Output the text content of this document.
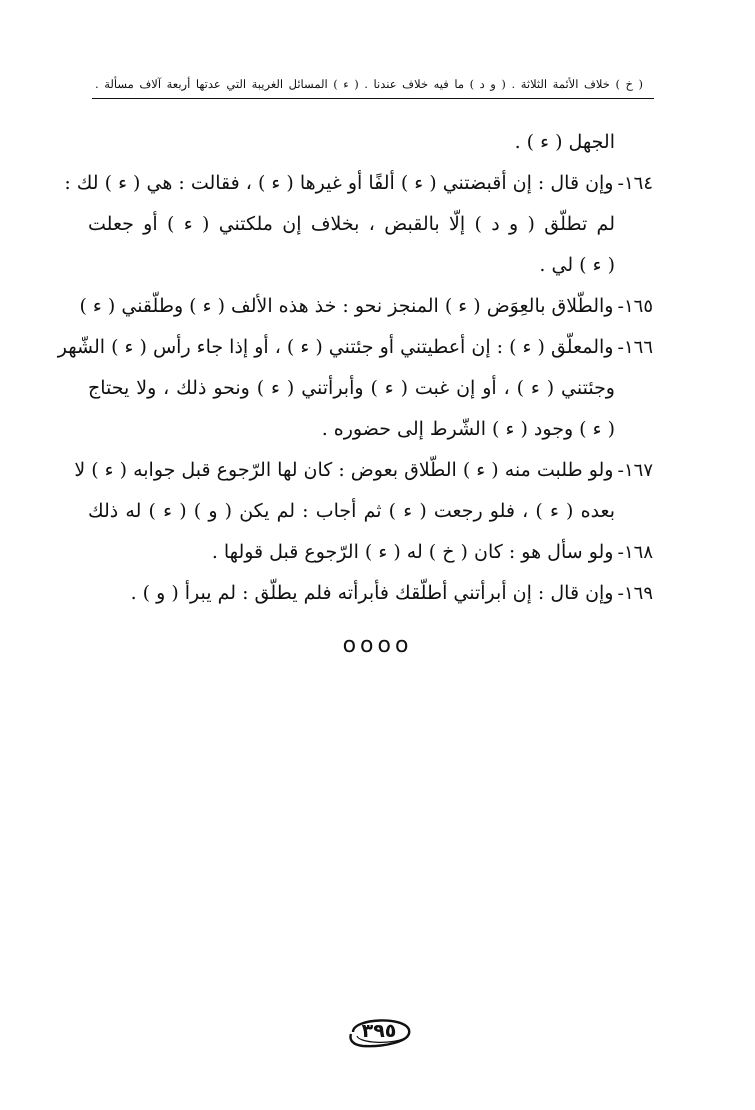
( خ ) خلاف الأئمة الثلاثة . ( و د ) ما فيه خلاف عندنا . ( ء ) المسائل الغريبة التي عدتها أربعة آلاف مسألة .
الجهل ( ء ) .
١٦٤-وإن قال : إن أقبضتني ( ء ) ألفًا أو غيرها ( ء ) ، فقالت : هي ( ء ) لك :
لم تطلّق ( و د ) إلّا بالقبض ، بخلاف إن ملكتني ( ء ) أو جعلت
( ء ) لي .
١٦٥-والطّلاق بالعِوَض ( ء ) المنجز نحو : خذ هذه الألف ( ء ) وطلّقني ( ء )
١٦٦-والمعلّق ( ء ) : إن أعطيتني أو جئتني ( ء ) ، أو إذا جاء رأس ( ء ) الشّهر
وجئتني ( ء ) ، أو إن غبت ( ء ) وأبرأتني ( ء ) ونحو ذلك ، ولا يحتاج
( ء ) وجود ( ء ) الشّرط إلى حضوره .
١٦٧-ولو طلبت منه ( ء ) الطّلاق بعوض : كان لها الرّجوع قبل جوابه ( ء ) لا
بعده ( ء ) ، فلو رجعت ( ء ) ثم أجاب : لم يكن ( و ) ( ء ) له ذلك
١٦٨-ولو سأل هو : كان ( خ ) له ( ء ) الرّجوع قبل قولها .
١٦٩-وإن قال : إن أبرأتني أطلّقك فأبرأته فلم يطلّق : لم يبرأ ( و ) .
oooo
٣٩٥
